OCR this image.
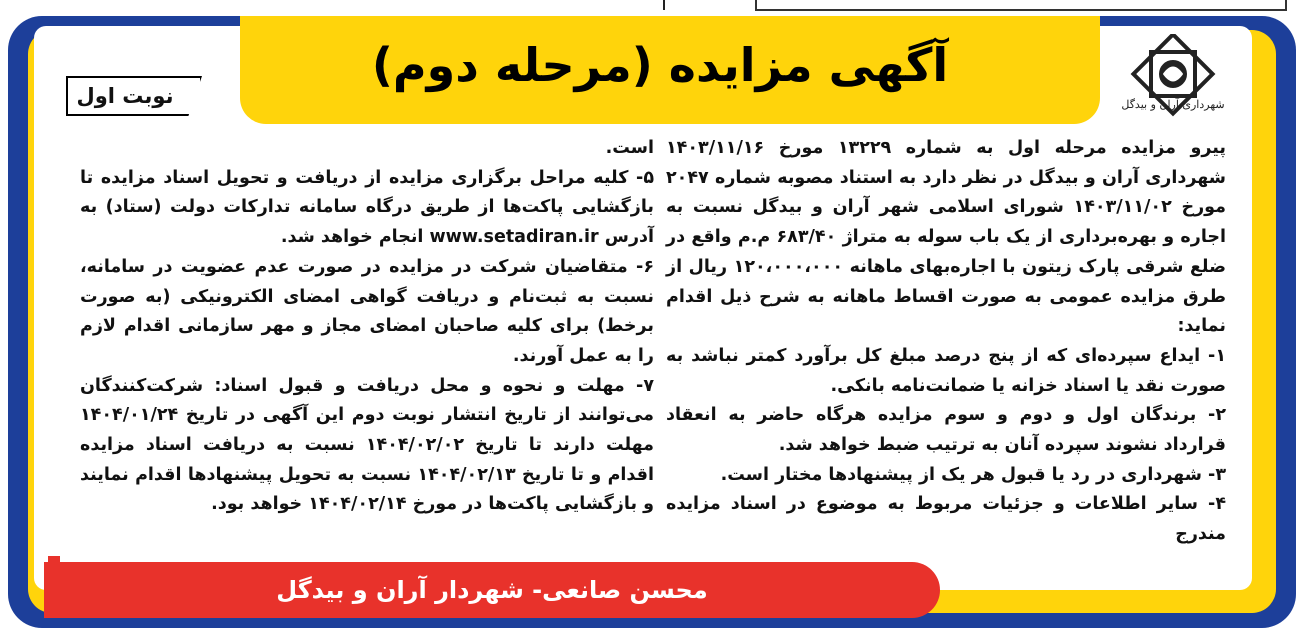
آگهی مزایده (مرحله دوم)
شهرداری آران و بیدگل
نوبت اول

پیرو مزایده مرحله اول به شماره ۱۳۲۲۹ مورخ ۱۴۰۳/۱۱/۱۶ شهرداری آران و بیدگل در نظر دارد به استناد مصوبه شماره ۲۰۴۷ مورخ ۱۴۰۳/۱۱/۰۲ شورای اسلامی شهر آران و بیدگل نسبت به اجاره و بهره‌برداری از یک باب سوله به متراژ ۶۸۳/۴۰ م.م واقع در ضلع شرقی پارک زیتون با اجاره‌بهای ماهانه ۱۲۰،۰۰۰،۰۰۰ ریال از طرق مزایده عمومی به صورت اقساط ماهانه به شرح ذیل اقدام نماید:

۱- ایداع سپرده‌ای که از پنج درصد مبلغ کل برآورد کمتر نباشد به صورت نقد یا اسناد خزانه یا ضمانت‌نامه بانکی.

۲- برندگان اول و دوم و سوم مزایده هرگاه حاضر به انعقاد قرارداد نشوند سپرده آنان به ترتیب ضبط خواهد شد.

۳- شهرداری در رد یا قبول هر یک از پیشنهادها مختار است.

۴- سایر اطلاعات و جزئیات مربوط به موضوع در اسناد مزایده مندرج

است.

۵- کلیه مراحل برگزاری مزایده از دریافت و تحویل اسناد مزایده تا بازگشایی پاکت‌ها از طریق درگاه سامانه تدارکات دولت (ستاد) به آدرس www.setadiran.ir انجام خواهد شد.

۶- متقاضیان شرکت در مزایده در صورت عدم عضویت در سامانه، نسبت به ثبت‌نام و دریافت گواهی امضای الکترونیکی (به صورت برخط) برای کلیه صاحبان امضای مجاز و مهر سازمانی اقدام لازم را به عمل آورند.

۷- مهلت و نحوه و محل دریافت و قبول اسناد: شرکت‌کنندگان می‌توانند از تاریخ انتشار نوبت دوم این آگهی در تاریخ ۱۴۰۴/۰۱/۲۴ مهلت دارند تا تاریخ ۱۴۰۴/۰۲/۰۲ نسبت به دریافت اسناد مزایده اقدام و تا تاریخ ۱۴۰۴/۰۲/۱۳ نسبت به تحویل پیشنهادها اقدام نمایند و بازگشایی پاکت‌ها در مورخ ۱۴۰۴/۰۲/۱۴ خواهد بود.

محسن صانعی- شهردار آران و بیدگل
